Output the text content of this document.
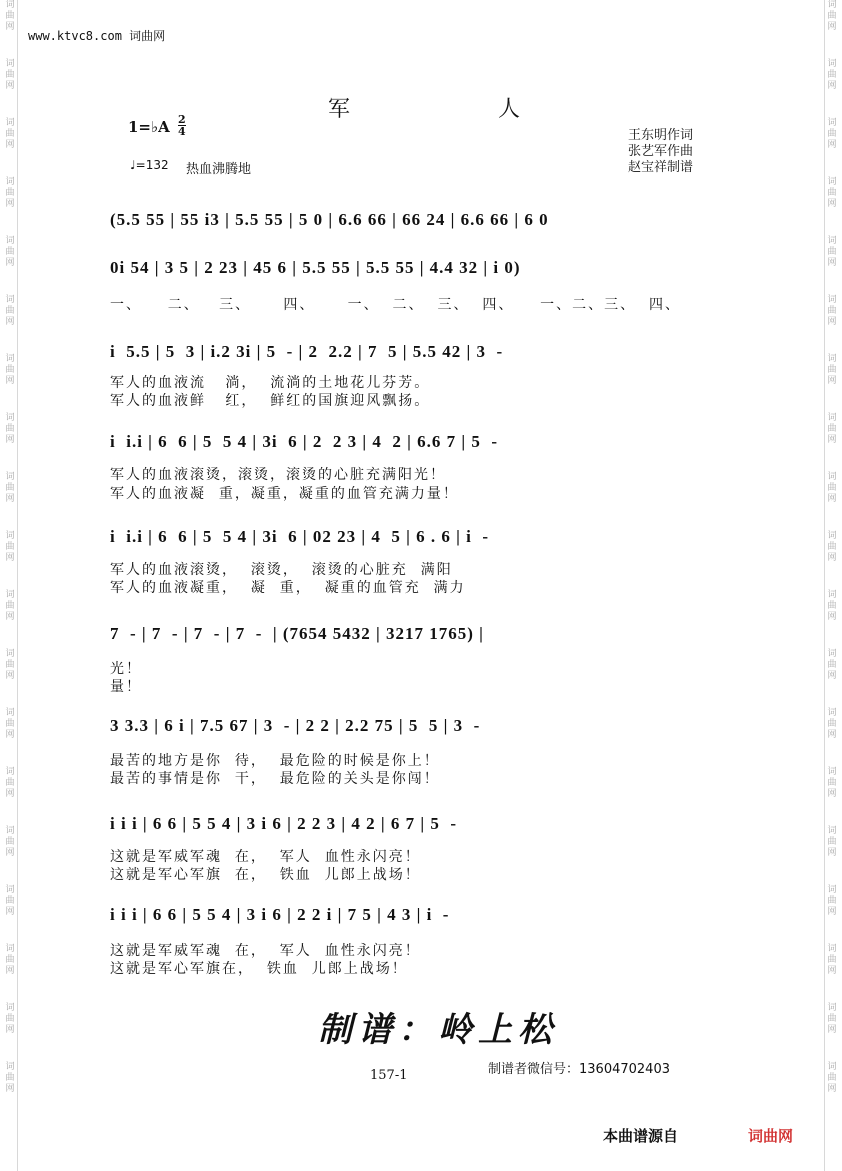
词曲网
词曲网
词曲网
词曲网
词曲网
词曲网
词曲网
词曲网
词曲网
词曲网
词曲网
词曲网
词曲网
词曲网
词曲网
词曲网
词曲网
词曲网
词曲网
词曲网
词曲网
词曲网
词曲网
词曲网
词曲网
词曲网
词曲网
词曲网
词曲网
词曲网
词曲网
词曲网
词曲网
词曲网
词曲网
词曲网
词曲网
词曲网
www.ktvc8.com 词曲网
军人
1=♭A $\frac{2}{4}$
♩=132 热血沸腾地
王东明作词
张艺军作曲
赵宝祥制谱
(5.5 55 | 55 i3 | 5.5 55 | 5 0 | 6.6 66 | 66 24 | 6.6 66 | 6 0
0i 54 | 3 5 | 2 23 | 45 6 | 5.5 55 | 5.5 55 | 4.4 32 | i 0)
一、    二、   三、     四、     一、  二、  三、  四、    一、二、三、  四、
i  5.5 | 5  3 | i.2 3i | 5  - | 2  2.2 | 7  5 | 5.5 42 | 3  -
军人的血液流   淌，  流淌的土地花儿芬芳。
军人的血液鲜   红，  鲜红的国旗迎风飘扬。
i  i.i | 6  6 | 5  5 4 | 3i  6 | 2  2 3 | 4  2 | 6.6 7 | 5  -
军人的血液滚烫，滚烫，滚烫的心脏充满阳光！
军人的血液凝  重，凝重，凝重的血管充满力量！
i  i.i | 6  6 | 5  5 4 | 3i  6 | 02 23 | 4  5 | 6 . 6 | i  -
军人的血液滚烫，  滚烫，  滚烫的心脏充  满阳
军人的血液凝重，  凝  重，  凝重的血管充  满力
7  - | 7  - | 7  - | 7  -  | (7654 5432 | 3217 1765) |
光！
量！
3 3.3 | 6 i | 7.5 67 | 3  - | 2 2 | 2.2 75 | 5  5 | 3  -
最苦的地方是你  待，  最危险的时候是你上！
最苦的事情是你  干，  最危险的关头是你闯！
i i i | 6 6 | 5 5 4 | 3 i 6 | 2 2 3 | 4 2 | 6 7 | 5  -
这就是军威军魂  在，  军人  血性永闪亮！
这就是军心军旗  在，  铁血  儿郎上战场！
i i i | 6 6 | 5 5 4 | 3 i 6 | 2 2 i | 7 5 | 4 3 | i  -
这就是军威军魂  在，  军人  血性永闪亮！
这就是军心军旗在，  铁血  儿郎上战场！
制谱：岭上松
157-1	制谱者微信号：13604702403
本曲谱源自	词曲网
